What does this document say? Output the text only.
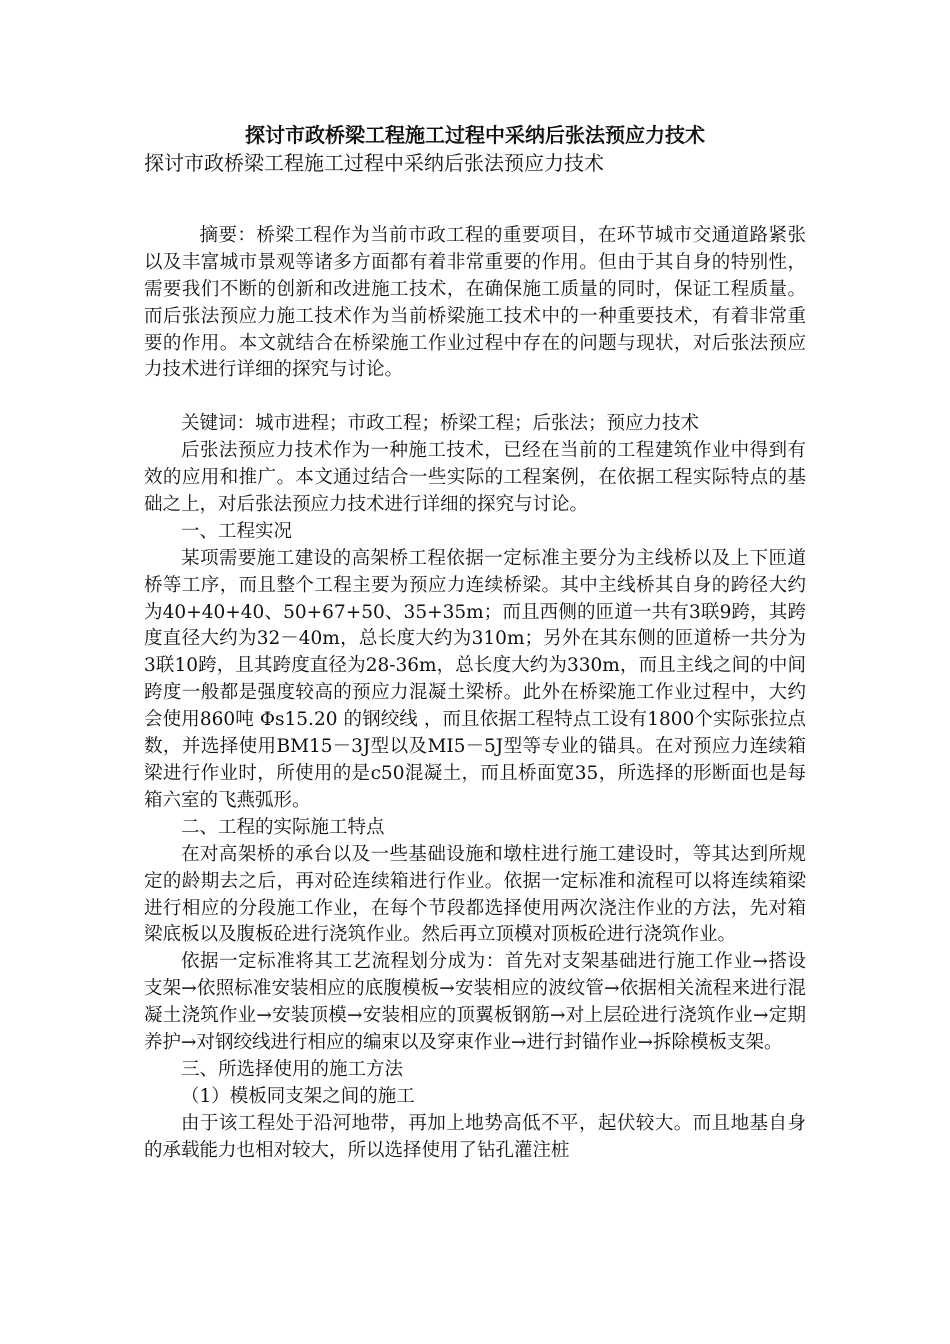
探讨市政桥梁工程施工过程中采纳后张法预应力技术
探讨市政桥梁工程施工过程中采纳后张法预应力技术

摘要：桥梁工程作为当前市政工程的重要项目，在环节城市交通道路紧张以及丰富城市景观等诸多方面都有着非常重要的作用。但由于其自身的特别性，需要我们不断的创新和改进施工技术，在确保施工质量的同时，保证工程质量。而后张法预应力施工技术作为当前桥梁施工技术中的一种重要技术，有着非常重要的作用。本文就结合在桥梁施工作业过程中存在的问题与现状，对后张法预应力技术进行详细的探究与讨论。

关键词：城市进程；市政工程；桥梁工程；后张法；预应力技术

后张法预应力技术作为一种施工技术，已经在当前的工程建筑作业中得到有效的应用和推广。本文通过结合一些实际的工程案例，在依据工程实际特点的基础之上，对后张法预应力技术进行详细的探究与讨论。

一、工程实况

某项需要施工建设的高架桥工程依据一定标准主要分为主线桥以及上下匝道桥等工序，而且整个工程主要为预应力连续桥梁。其中主线桥其自身的跨径大约为40+40+40、50+67+50、35+35m；而且西侧的匝道一共有3联9跨，其跨度直径大约为32－40m，总长度大约为310m；另外在其东侧的匝道桥一共分为3联10跨，且其跨度直径为28-36m，总长度大约为330m，而且主线之间的中间跨度一般都是强度较高的预应力混凝土梁桥。此外在桥梁施工作业过程中，大约会使用860吨 Φs15.20 的钢绞线 ，而且依据工程特点工设有1800个实际张拉点数，并选择使用BM15－3J型以及MI5－5J型等专业的锚具。在对预应力连续箱梁进行作业时，所使用的是c50混凝土，而且桥面宽35，所选择的形断面也是每箱六室的飞燕弧形。

二、工程的实际施工特点

在对高架桥的承台以及一些基础设施和墩柱进行施工建设时，等其达到所规定的龄期去之后，再对砼连续箱进行作业。依据一定标准和流程可以将连续箱梁进行相应的分段施工作业，在每个节段都选择使用两次浇注作业的方法，先对箱梁底板以及腹板砼进行浇筑作业。然后再立顶模对顶板砼进行浇筑作业。

依据一定标准将其工艺流程划分成为：首先对支架基础进行施工作业→搭设支架→依照标准安装相应的底腹模板→安装相应的波纹管→依据相关流程来进行混凝土浇筑作业→安装顶模→安装相应的顶翼板钢筋→对上层砼进行浇筑作业→定期养护→对钢绞线进行相应的编束以及穿束作业→进行封锚作业→拆除模板支架。

三、所选择使用的施工方法

（1）模板同支架之间的施工

由于该工程处于沿河地带，再加上地势高低不平，起伏较大。而且地基自身的承载能力也相对较大，所以选择使用了钻孔灌注桩
